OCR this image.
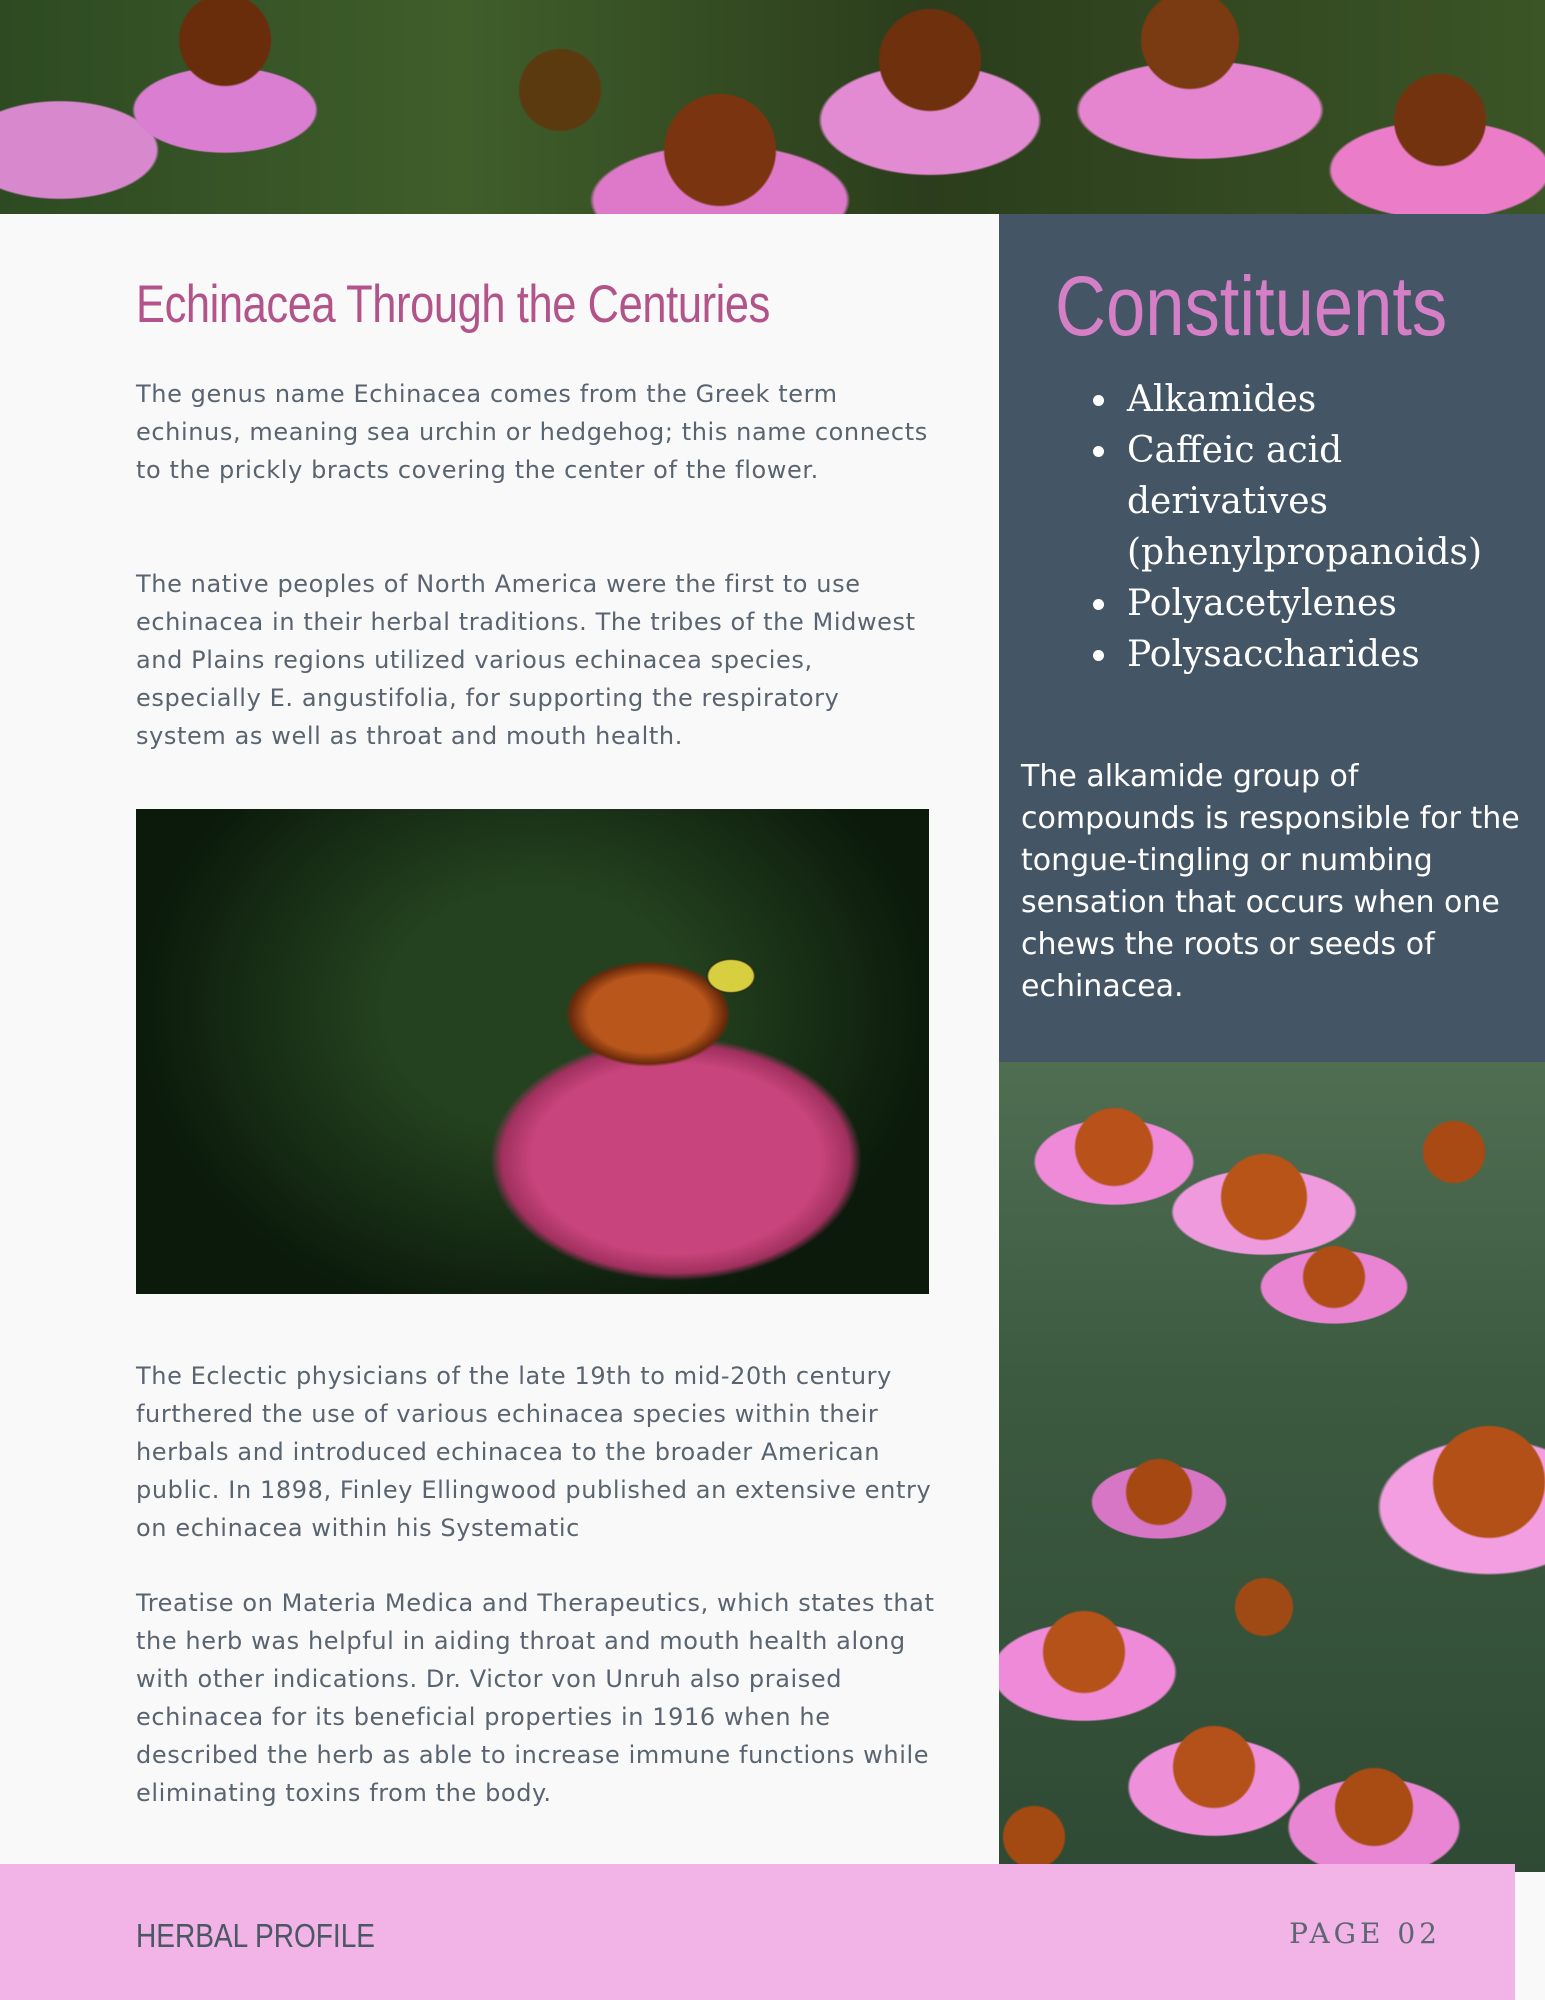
Echinacea Through the Centuries

The genus name Echinacea comes from the Greek term echinus, meaning sea urchin or hedgehog; this name connects to the prickly bracts covering the center of the flower.

The native peoples of North America were the first to use echinacea in their herbal traditions. The tribes of the Midwest and Plains regions utilized various echinacea species, especially E. angustifolia, for supporting the respiratory system as well as throat and mouth health.

The Eclectic physicians of the late 19th to mid-20th century furthered the use of various echinacea species within their herbals and introduced echinacea to the broader American public. In 1898, Finley Ellingwood published an extensive entry on echinacea within his Systematic

Treatise on Materia Medica and Therapeutics, which states that the herb was helpful in aiding throat and mouth health along with other indications. Dr. Victor von Unruh also praised echinacea for its beneficial properties in 1916 when he described the herb as able to increase immune functions while eliminating toxins from the body.

Constituents
Alkamides
Caffeic acid derivatives (phenylpropanoids)
Polyacetylenes
Polysaccharides

The alkamide group of compounds is responsible for the tongue-tingling or numbing sensation that occurs when one chews the roots or seeds of echinacea.

HERBAL PROFILE	PAGE 02
